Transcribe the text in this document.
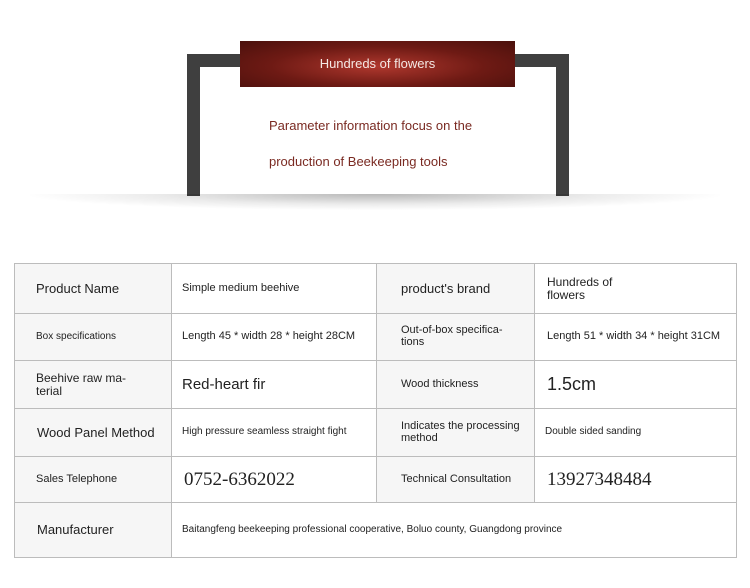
Hundreds of flowers
Parameter information focus on the
production of Beekeeping tools
Product Name	Simple medium beehive	product's brand	Hundreds of flowers

Box specifications	Length 45 * width 28 * height 28CM	Out-of-box specifica-tions	Length 51 * width 34 * height 31CM

Beehive raw ma-terial	Red-heart fir	Wood thickness	1.5cm
Wood Panel Method	High pressure seamless straight fight	Indicates the processing method	Double sided sanding
Sales Telephone	0752-6362022	Technical Consultation	13927348484
Manufacturer	Baitangfeng beekeeping professional cooperative, Boluo county, Guangdong province		
